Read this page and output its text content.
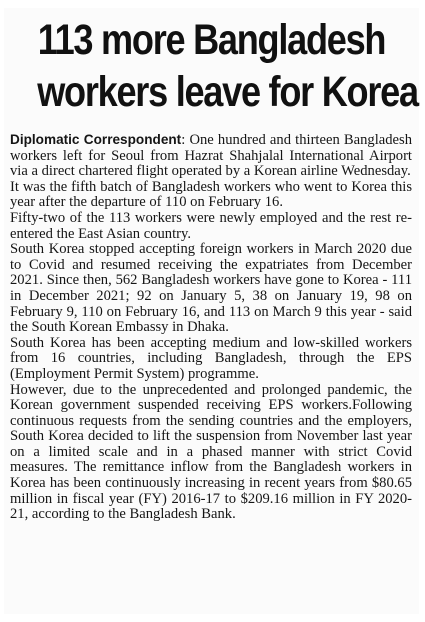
113 more Bangladesh
workers leave for Korea

Diplomatic Correspondent: One hundred and thirteen Bangladesh workers left for Seoul from Hazrat Shahjalal International Airport via a direct chartered flight operated by a Korean airline Wednesday.

It was the fifth batch of Bangladesh workers who went to Korea this year after the departure of 110 on February 16.

Fifty-two of the 113 workers were newly employed and the rest re-entered the East Asian country.

South Korea stopped accepting foreign workers in March 2020 due to Covid and resumed receiving the expatriates from December 2021. Since then, 562 Bangladesh workers have gone to Korea - 111 in December 2021; 92 on January 5, 38 on January 19, 98 on February 9, 110 on February 16, and 113 on March 9 this year - said the South Korean Embassy in Dhaka.

South Korea has been accepting medium and low-skilled workers from 16 countries, including Bangladesh, through the EPS (Employment Permit System) programme.

However, due to the unprecedented and prolonged pandemic, the Korean government suspended receiving EPS workers.Following continuous requests from the sending countries and the employers, South Korea decided to lift the suspension from November last year on a limited scale and in a phased manner with strict Covid measures. The remittance inflow from the Bangladesh workers in Korea has been continuously increasing in recent years from $80.65 million in fiscal year (FY) 2016-17 to $209.16 million in FY 2020-21, according to the Bangladesh Bank.
